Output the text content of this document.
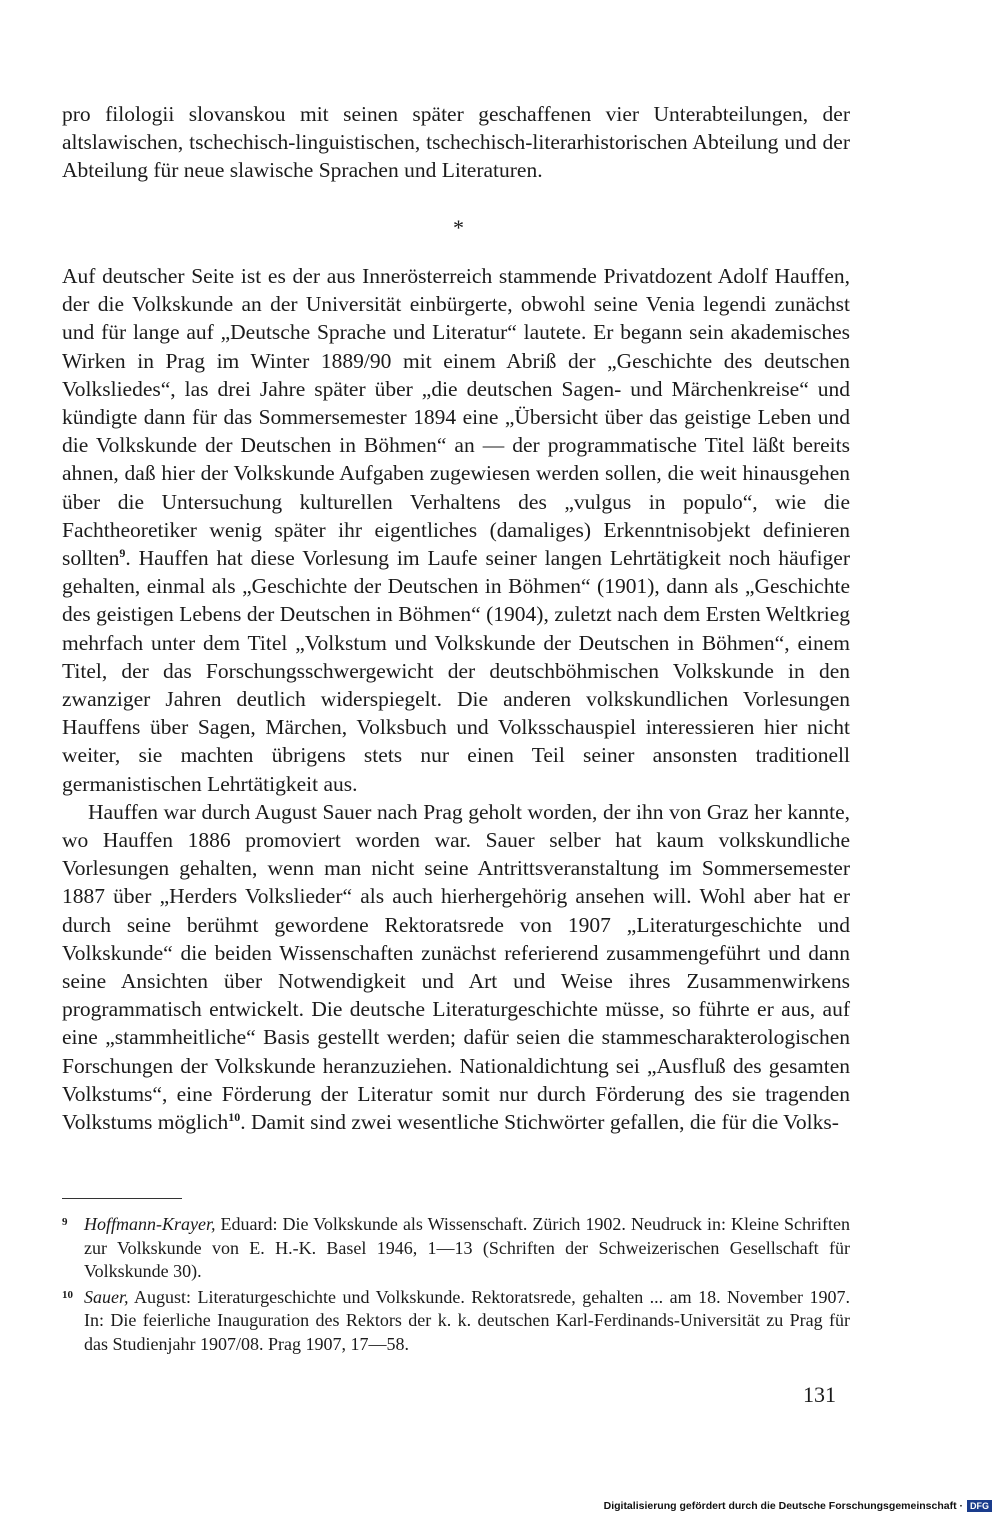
pro filologii slovanskou mit seinen später geschaffenen vier Unterabteilungen, der altslawischen, tschechisch-linguistischen, tschechisch-literarhistorischen Abteilung und der Abteilung für neue slawische Sprachen und Literaturen.

*

Auf deutscher Seite ist es der aus Innerösterreich stammende Privatdozent Adolf Hauffen, der die Volkskunde an der Universität einbürgerte, obwohl seine Venia legendi zunächst und für lange auf „Deutsche Sprache und Literatur“ lautete. Er begann sein akademisches Wirken in Prag im Winter 1889/90 mit einem Abriß der „Geschichte des deutschen Volksliedes“, las drei Jahre später über „die deutschen Sagen- und Märchenkreise“ und kündigte dann für das Sommersemester 1894 eine „Übersicht über das geistige Leben und die Volkskunde der Deutschen in Böhmen“ an — der programmatische Titel läßt bereits ahnen, daß hier der Volkskunde Aufgaben zugewiesen werden sollen, die weit hinausgehen über die Untersuchung kulturellen Verhaltens des „vulgus in populo“, wie die Fachtheoretiker wenig später ihr eigentliches (damaliges) Erkenntnisobjekt definieren sollten$^9$. Hauffen hat diese Vorlesung im Laufe seiner langen Lehrtätigkeit noch häufiger gehalten, einmal als „Geschichte der Deutschen in Böhmen“ (1901), dann als „Geschichte des geistigen Lebens der Deutschen in Böhmen“ (1904), zuletzt nach dem Ersten Weltkrieg mehrfach unter dem Titel „Volkstum und Volkskunde der Deutschen in Böhmen“, einem Titel, der das Forschungsschwergewicht der deutschböhmischen Volkskunde in den zwanziger Jahren deutlich widerspiegelt. Die anderen volkskundlichen Vorlesungen Hauffens über Sagen, Märchen, Volksbuch und Volksschauspiel interessieren hier nicht weiter, sie machten übrigens stets nur einen Teil seiner ansonsten traditionell germanistischen Lehrtätigkeit aus.

Hauffen war durch August Sauer nach Prag geholt worden, der ihn von Graz her kannte, wo Hauffen 1886 promoviert worden war. Sauer selber hat kaum volkskundliche Vorlesungen gehalten, wenn man nicht seine Antrittsveranstaltung im Sommersemester 1887 über „Herders Volkslieder“ als auch hierhergehörig ansehen will. Wohl aber hat er durch seine berühmt gewordene Rektoratsrede von 1907 „Literaturgeschichte und Volkskunde“ die beiden Wissenschaften zunächst referierend zusammengeführt und dann seine Ansichten über Notwendigkeit und Art und Weise ihres Zusammenwirkens programmatisch entwickelt. Die deutsche Literaturgeschichte müsse, so führte er aus, auf eine „stammheitliche“ Basis gestellt werden; dafür seien die stammescharakterologischen Forschungen der Volkskunde heranzuziehen. Nationaldichtung sei „Ausfluß des gesamten Volkstums“, eine Förderung der Literatur somit nur durch Förderung des sie tragenden Volkstums möglich$^{10}$. Damit sind zwei wesentliche Stichwörter gefallen, die für die Volks-

9 Hoffmann-Krayer, Eduard: Die Volkskunde als Wissenschaft. Zürich 1902. Neudruck in: Kleine Schriften zur Volkskunde von E. H.-K. Basel 1946, 1—13 (Schriften der Schweizerischen Gesellschaft für Volkskunde 30).

10 Sauer, August: Literaturgeschichte und Volkskunde. Rektoratsrede, gehalten ... am 18. November 1907. In: Die feierliche Inauguration des Rektors der k. k. deutschen Karl-Ferdinands-Universität zu Prag für das Studienjahr 1907/08. Prag 1907, 17—58.

131
Digitalisierung gefördert durch die Deutsche Forschungsgemeinschaft · DFG
